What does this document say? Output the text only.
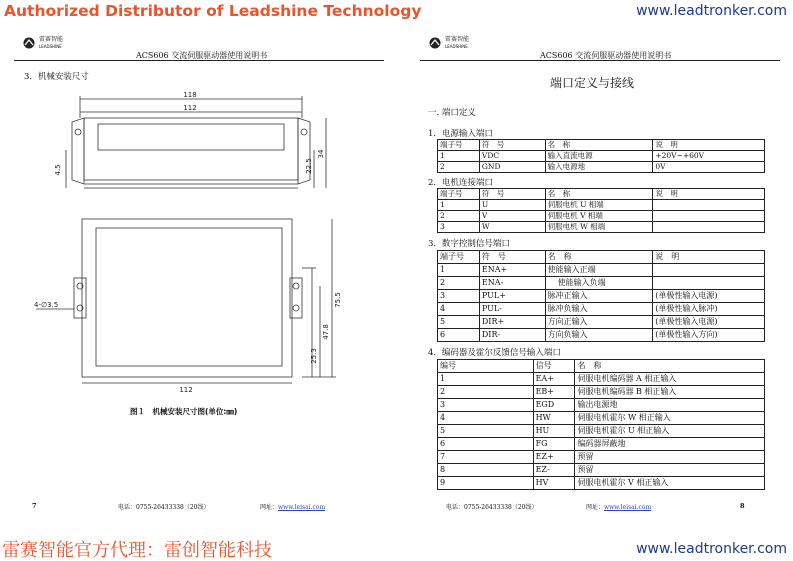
Authorized Distributor of Leadshine Technology	www.leadtronker.com
雷赛智能
LEADSHINE
ACS606 交流伺服驱动器使用说明书
3．机械安装尺寸
118
112
4.5	22.5
34
4-∅3.5	75.5
47.8
25.3
112
图１　机械安装尺寸图(单位:㎜)
7	电话：0755-26433338（20线）	网址：www.leisai.com
雷赛智能
LEADSHINE
ACS606 交流伺服驱动器使用说明书
端口定义与接线
一. 端口定义
1．电源输入端口
端子号	符　号	名　称	说　明
1	VDC	输入直流电源	+20V~+60V
2	GND	输入电源地	0V
2．电机连接端口
端子号	符　号	名　称	说　明
1	U	伺服电机 U 相端	
2	V	伺服电机 V 相端	
3	W	伺服电机 W 相端	
3．数字控制信号端口
端子号	符　号	名　称	说　明
1	ENA+	使能输入正端	
2	ENA-	使能输入负端	
3	PUL+	脉冲正输入	(单极性输入电源)
4	PUL-	脉冲负输入	(单极性输入脉冲)
5	DIR+	方向正输入	(单极性输入电源)
6	DIR-	方向负输入	(单极性输入方向)
4．编码器及霍尔反馈信号输入端口
编号	信号	名　称
1	EA+	伺服电机编码器 A 相正输入
2	EB+	伺服电机编码器 B 相正输入
3	EGD	输出电源地
4	HW	伺服电机霍尔 W 相正输入
5	HU	伺服电机霍尔 U 相正输入
6	FG	编码器屏蔽地
7	EZ+	预留
8	EZ-	预留
9	HV	伺服电机霍尔 V 相正输入
电话：0755-26433338（20线）	网址：www.leisai.com	8
雷赛智能官方代理：雷创智能科技	www.leadtronker.com
